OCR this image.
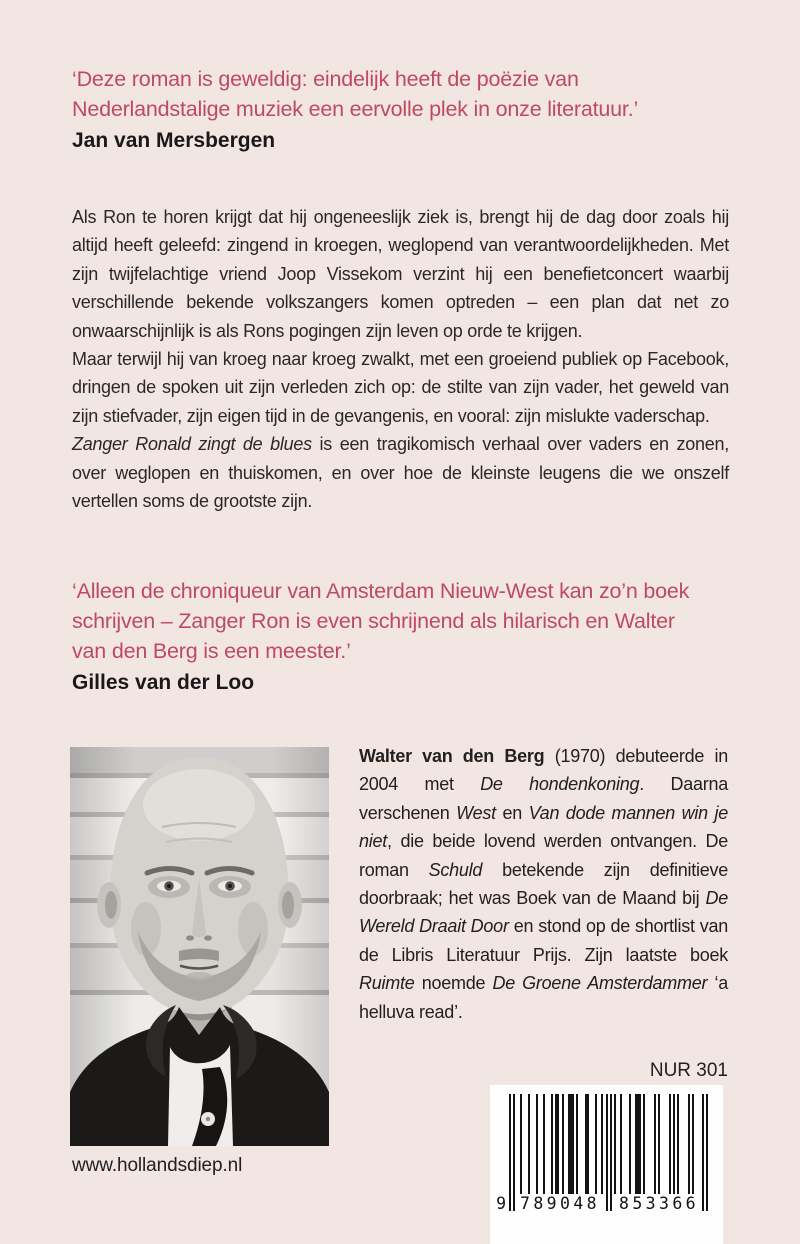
‘Deze roman is geweldig: eindelijk heeft de poëzie van Nederlandstalige muziek een eervolle plek in onze literatuur.’

Jan van Mersbergen

Als Ron te horen krijgt dat hij ongeneeslijk ziek is, brengt hij de dag door zoals hij altijd heeft geleefd: zingend in kroegen, weglopend van verantwoordelijkheden. Met zijn twijfelachtige vriend Joop Vissekom verzint hij een benefietconcert waarbij verschillende bekende volkszangers komen optreden – een plan dat net zo onwaarschijnlijk is als Rons pogingen zijn leven op orde te krijgen.

Maar terwijl hij van kroeg naar kroeg zwalkt, met een groeiend publiek op Facebook, dringen de spoken uit zijn verleden zich op: de stilte van zijn vader, het geweld van zijn stiefvader, zijn eigen tijd in de gevangenis, en vooral: zijn mislukte vaderschap.

Zanger Ronald zingt de blues is een tragikomisch verhaal over vaders en zonen, over weglopen en thuiskomen, en over hoe de kleinste leugens die we onszelf vertellen soms de grootste zijn.

‘Alleen de chroniqueur van Amsterdam Nieuw-West kan zo’n boek schrijven – Zanger Ron is even schrijnend als hilarisch en Walter van den Berg is een meester.’

Gilles van der Loo

Walter van den Berg (1970) debuteerde in 2004 met De hondenkoning. Daarna verschenen West en Van dode mannen win je niet, die beide lovend werden ontvangen. De roman Schuld betekende zijn definitieve doorbraak; het was Boek van de Maand bij De Wereld Draait Door en stond op de shortlist van de Libris Literatuur Prijs. Zijn laatste boek Ruimte noemde De Groene Amsterdammer ‘a helluva read’.

www.hollandsdiep.nl
NUR 301
9 789048 853366
